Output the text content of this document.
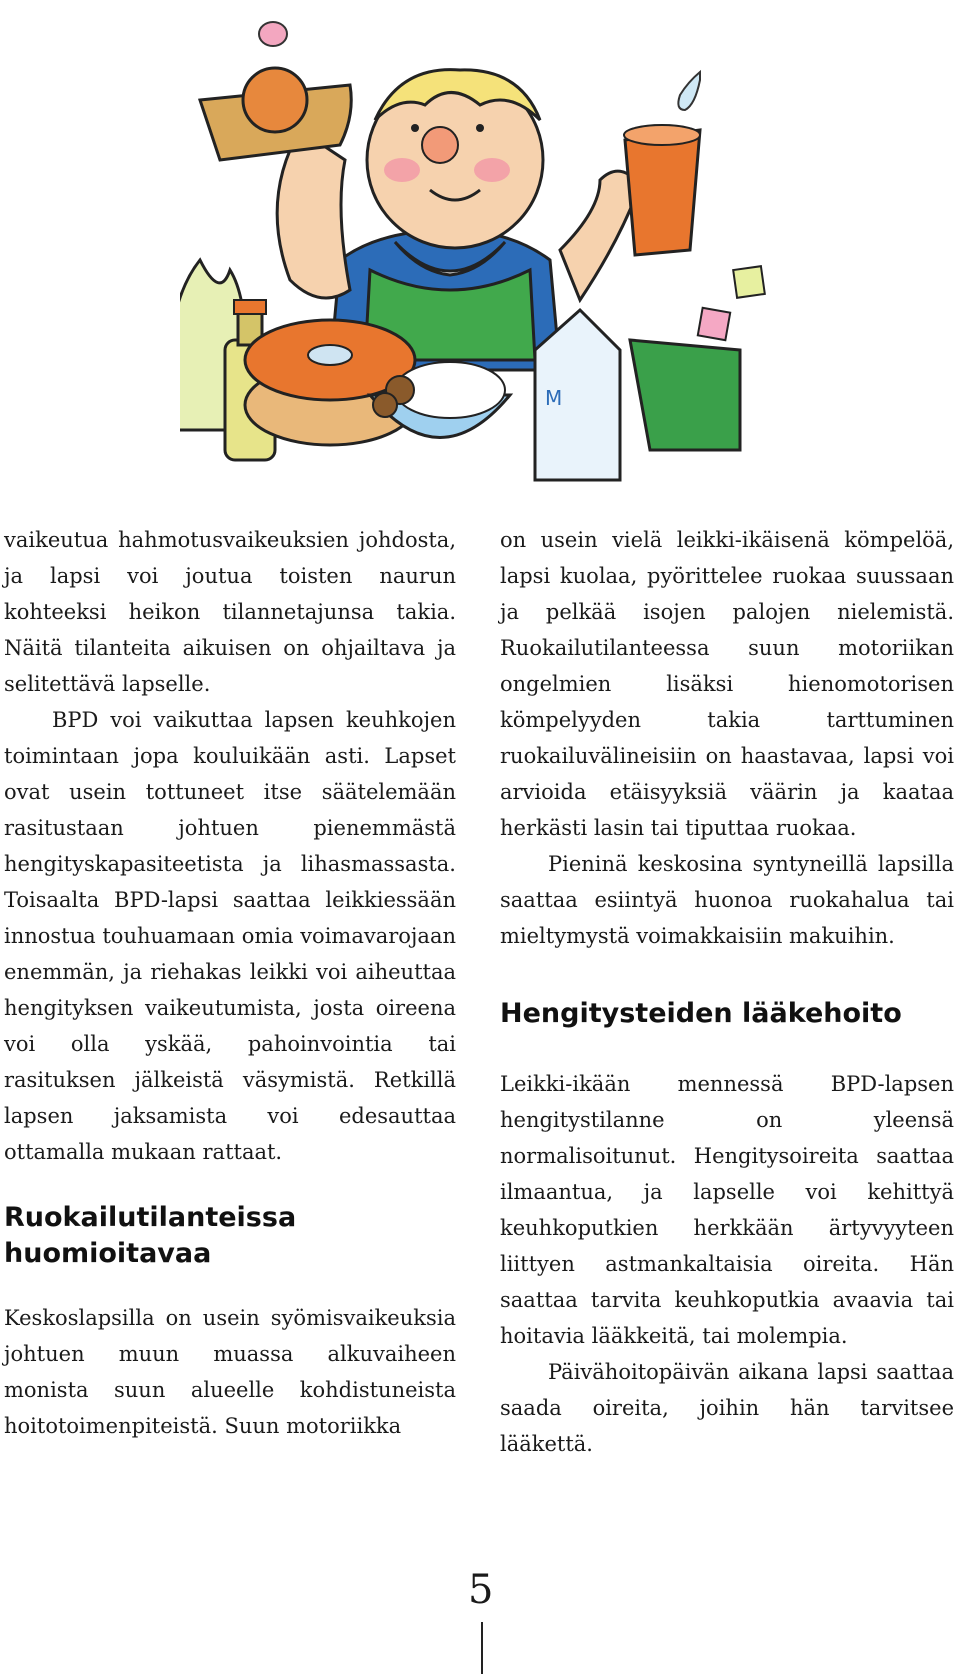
M

vaikeutua hahmotusvaikeuksien johdosta, ja lapsi voi joutua toisten naurun kohteeksi heikon tilannetajunsa takia. Näitä tilanteita aikuisen on ohjailtava ja selitettävä lapselle.

BPD voi vaikuttaa lapsen keuhkojen toimintaan jopa kouluikään asti. Lapset ovat usein tottuneet itse säätelemään rasitustaan johtuen pienemmästä hengityskapasiteetista ja lihasmassasta. Toisaalta BPD-lapsi saattaa leikkiessään innostua touhuamaan omia voimavarojaan enemmän, ja riehakas leikki voi aiheuttaa hengityksen vaikeutumista, josta oireena voi olla yskää, pahoinvointia tai rasituksen jälkeistä väsymistä. Retkillä lapsen jaksamista voi edesauttaa ottamalla mukaan rattaat.

Ruokailutilanteissa huomioitavaa

Keskoslapsilla on usein syömisvaikeuksia johtuen muun muassa alkuvaiheen monista suun alueelle kohdistuneista hoitotoimenpiteistä. Suun motoriikka

on usein vielä leikki-ikäisenä kömpelöä, lapsi kuolaa, pyörittelee ruokaa suussaan ja pelkää isojen palojen nielemistä. Ruokailutilanteessa suun motoriikan ongelmien lisäksi hienomotorisen kömpelyyden takia tarttuminen ruokailuvälineisiin on haastavaa, lapsi voi arvioida etäisyyksiä väärin ja kaataa herkästi lasin tai tiputtaa ruokaa.

Pieninä keskosina syntyneillä lapsilla saattaa esiintyä huonoa ruokahalua tai mieltymystä voimakkaisiin makuihin.

Hengitysteiden lääkehoito

Leikki-ikään mennessä BPD-lapsen hengitystilanne on yleensä normalisoitunut. Hengitysoireita saattaa ilmaantua, ja lapselle voi kehittyä keuhkoputkien herkkään ärtyvyyteen liittyen astmankaltaisia oireita. Hän saattaa tarvita keuhkoputkia avaavia tai hoitavia lääkkeitä, tai molempia.

Päivähoitopäivän aikana lapsi saattaa saada oireita, joihin hän tarvitsee lääkettä.

5
